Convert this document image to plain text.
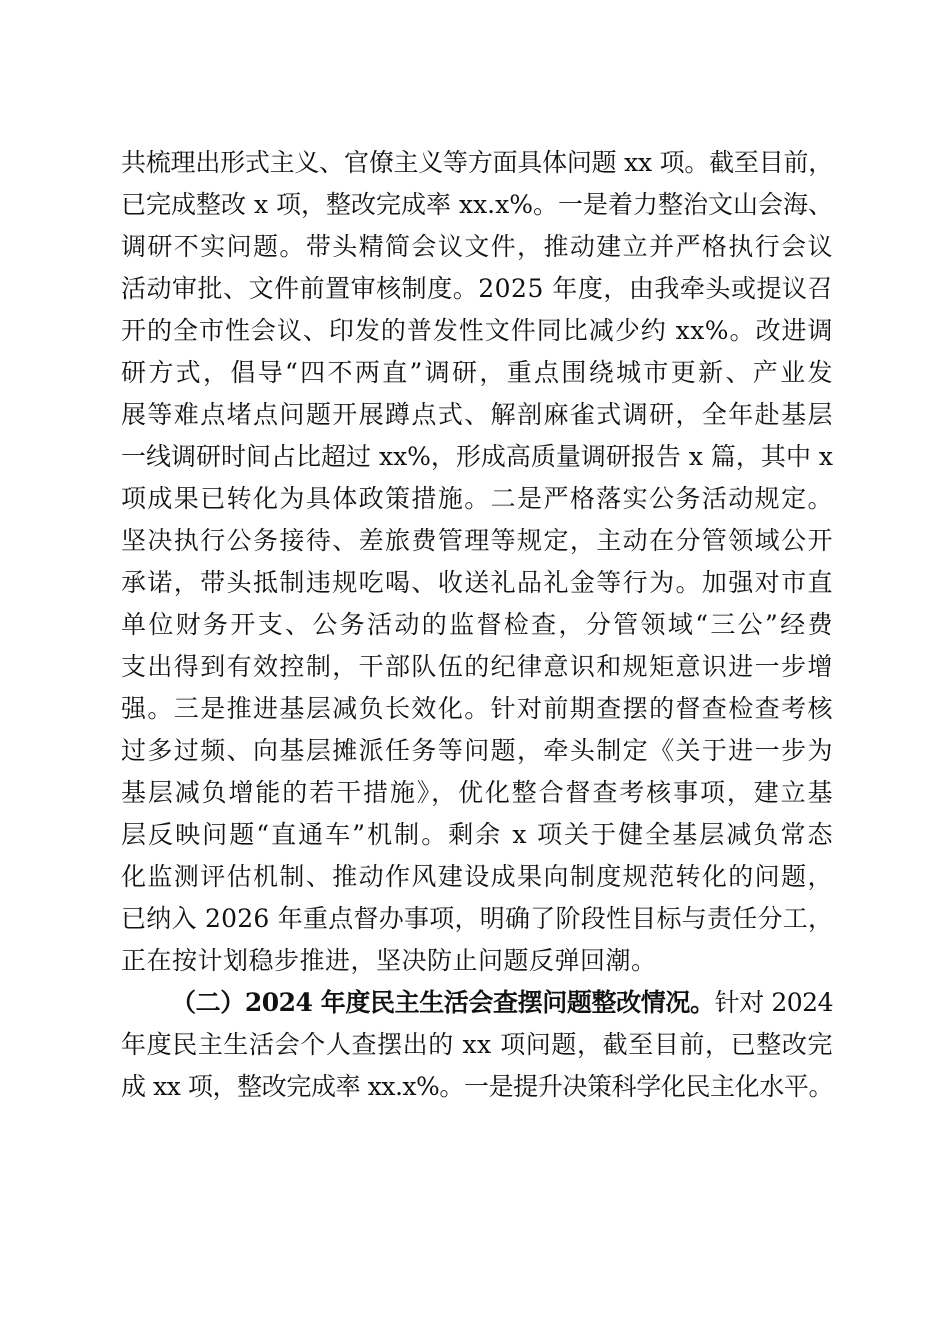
共梳理出形式主义、官僚主义等方面具体问题 xx 项。截至目前，
已完成整改 x 项，整改完成率 xx.x%。一是着力整治文山会海、
调研不实问题。带头精简会议文件，推动建立并严格执行会议
活动审批、文件前置审核制度。2025 年度，由我牵头或提议召
开的全市性会议、印发的普发性文件同比减少约 xx%。改进调
研方式，倡导“四不两直”调研，重点围绕城市更新、产业发
展等难点堵点问题开展蹲点式、解剖麻雀式调研，全年赴基层
一线调研时间占比超过 xx%，形成高质量调研报告 x 篇，其中 x
项成果已转化为具体政策措施。二是严格落实公务活动规定。
坚决执行公务接待、差旅费管理等规定，主动在分管领域公开
承诺，带头抵制违规吃喝、收送礼品礼金等行为。加强对市直
单位财务开支、公务活动的监督检查，分管领域“三公”经费
支出得到有效控制，干部队伍的纪律意识和规矩意识进一步增
强。三是推进基层减负长效化。针对前期查摆的督查检查考核
过多过频、向基层摊派任务等问题，牵头制定《关于进一步为
基层减负增能的若干措施》，优化整合督查考核事项，建立基
层反映问题“直通车”机制。剩余 x 项关于健全基层减负常态
化监测评估机制、推动作风建设成果向制度规范转化的问题，
已纳入 2026 年重点督办事项，明确了阶段性目标与责任分工，
正在按计划稳步推进，坚决防止问题反弹回潮。
（二）2024 年度民主生活会查摆问题整改情况。针对 2024
年度民主生活会个人查摆出的 xx 项问题，截至目前，已整改完
成 xx 项，整改完成率 xx.x%。一是提升决策科学化民主化水平。
